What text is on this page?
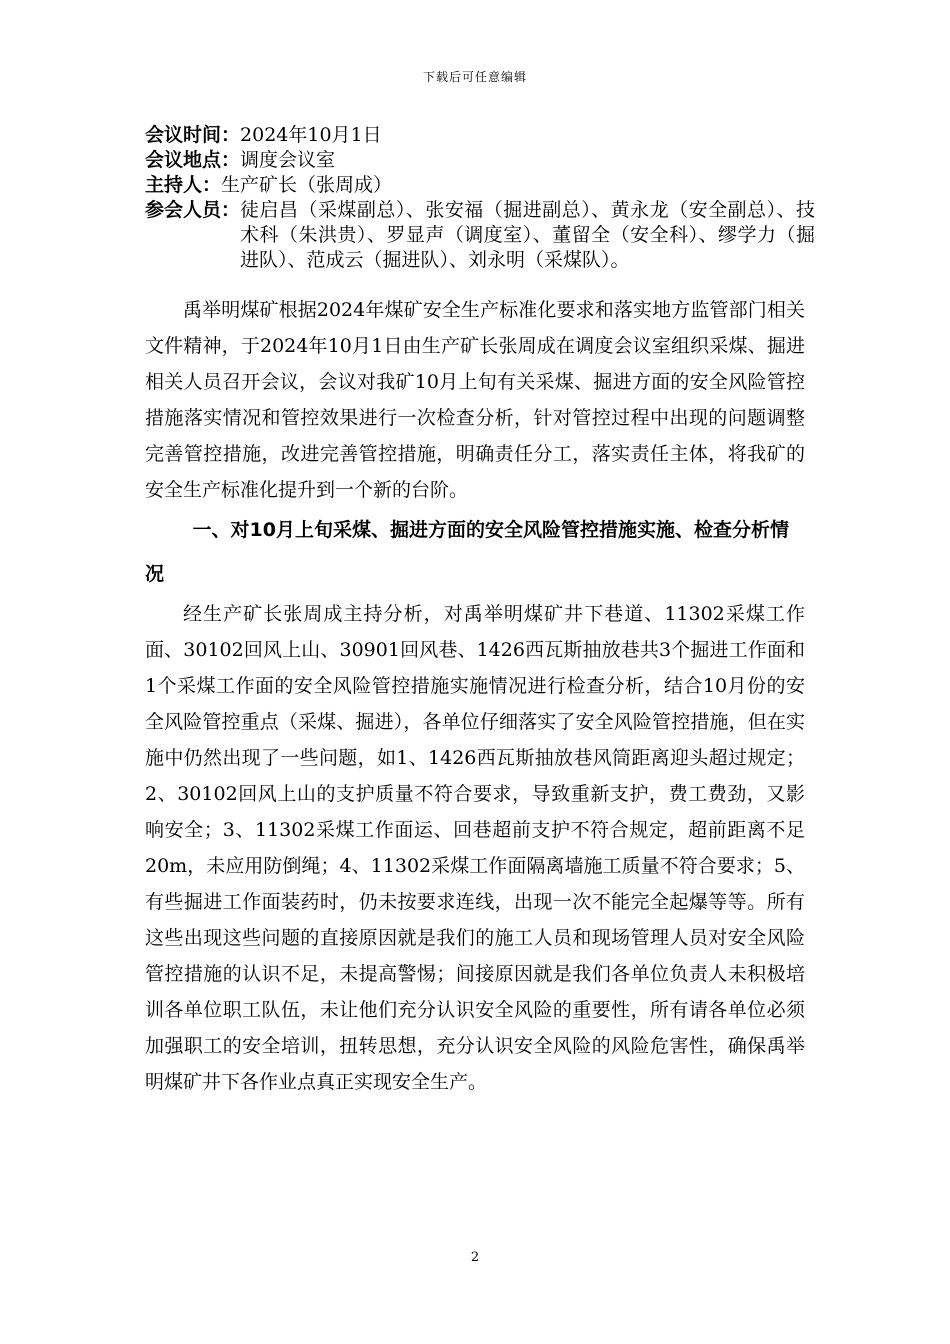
下载后可任意编辑
会议时间： 2024年10月1日
会议地点： 调度会议室
主持人： 生产矿长（张周成）
参会人员： 徒启昌（采煤副总）、张安福（掘进副总）、黄永龙（安全副总）、技术科（朱洪贵）、罗显声（调度室）、董留全（安全科）、缪学力（掘进队）、范成云（掘进队）、刘永明（采煤队）。

禹举明煤矿根据2024年煤矿安全生产标准化要求和落实地方监管部门相关文件精神，于2024年10月1日由生产矿长张周成在调度会议室组织采煤、掘进相关人员召开会议，会议对我矿10月上旬有关采煤、掘进方面的安全风险管控措施落实情况和管控效果进行一次检查分析，针对管控过程中出现的问题调整完善管控措施，改进完善管控措施，明确责任分工，落实责任主体，将我矿的安全生产标准化提升到一个新的台阶。

一、对10月上旬采煤、掘进方面的安全风险管控措施实施、检查分析情况

经生产矿长张周成主持分析，对禹举明煤矿井下巷道、11302采煤工作面、30102回风上山、30901回风巷、1426西瓦斯抽放巷共3个掘进工作面和1个采煤工作面的安全风险管控措施实施情况进行检查分析，结合10月份的安全风险管控重点（采煤、掘进），各单位仔细落实了安全风险管控措施，但在实施中仍然出现了一些问题，如1、1426西瓦斯抽放巷风筒距离迎头超过规定；2、30102回风上山的支护质量不符合要求，导致重新支护，费工费劲，又影响安全；3、11302采煤工作面运、回巷超前支护不符合规定，超前距离不足20m，未应用防倒绳；4、11302采煤工作面隔离墙施工质量不符合要求；5、有些掘进工作面装药时，仍未按要求连线，出现一次不能完全起爆等等。所有这些出现这些问题的直接原因就是我们的施工人员和现场管理人员对安全风险管控措施的认识不足，未提高警惕；间接原因就是我们各单位负责人未积极培训各单位职工队伍，未让他们充分认识安全风险的重要性，所有请各单位必须加强职工的安全培训，扭转思想，充分认识安全风险的风险危害性，确保禹举明煤矿井下各作业点真正实现安全生产。

2
